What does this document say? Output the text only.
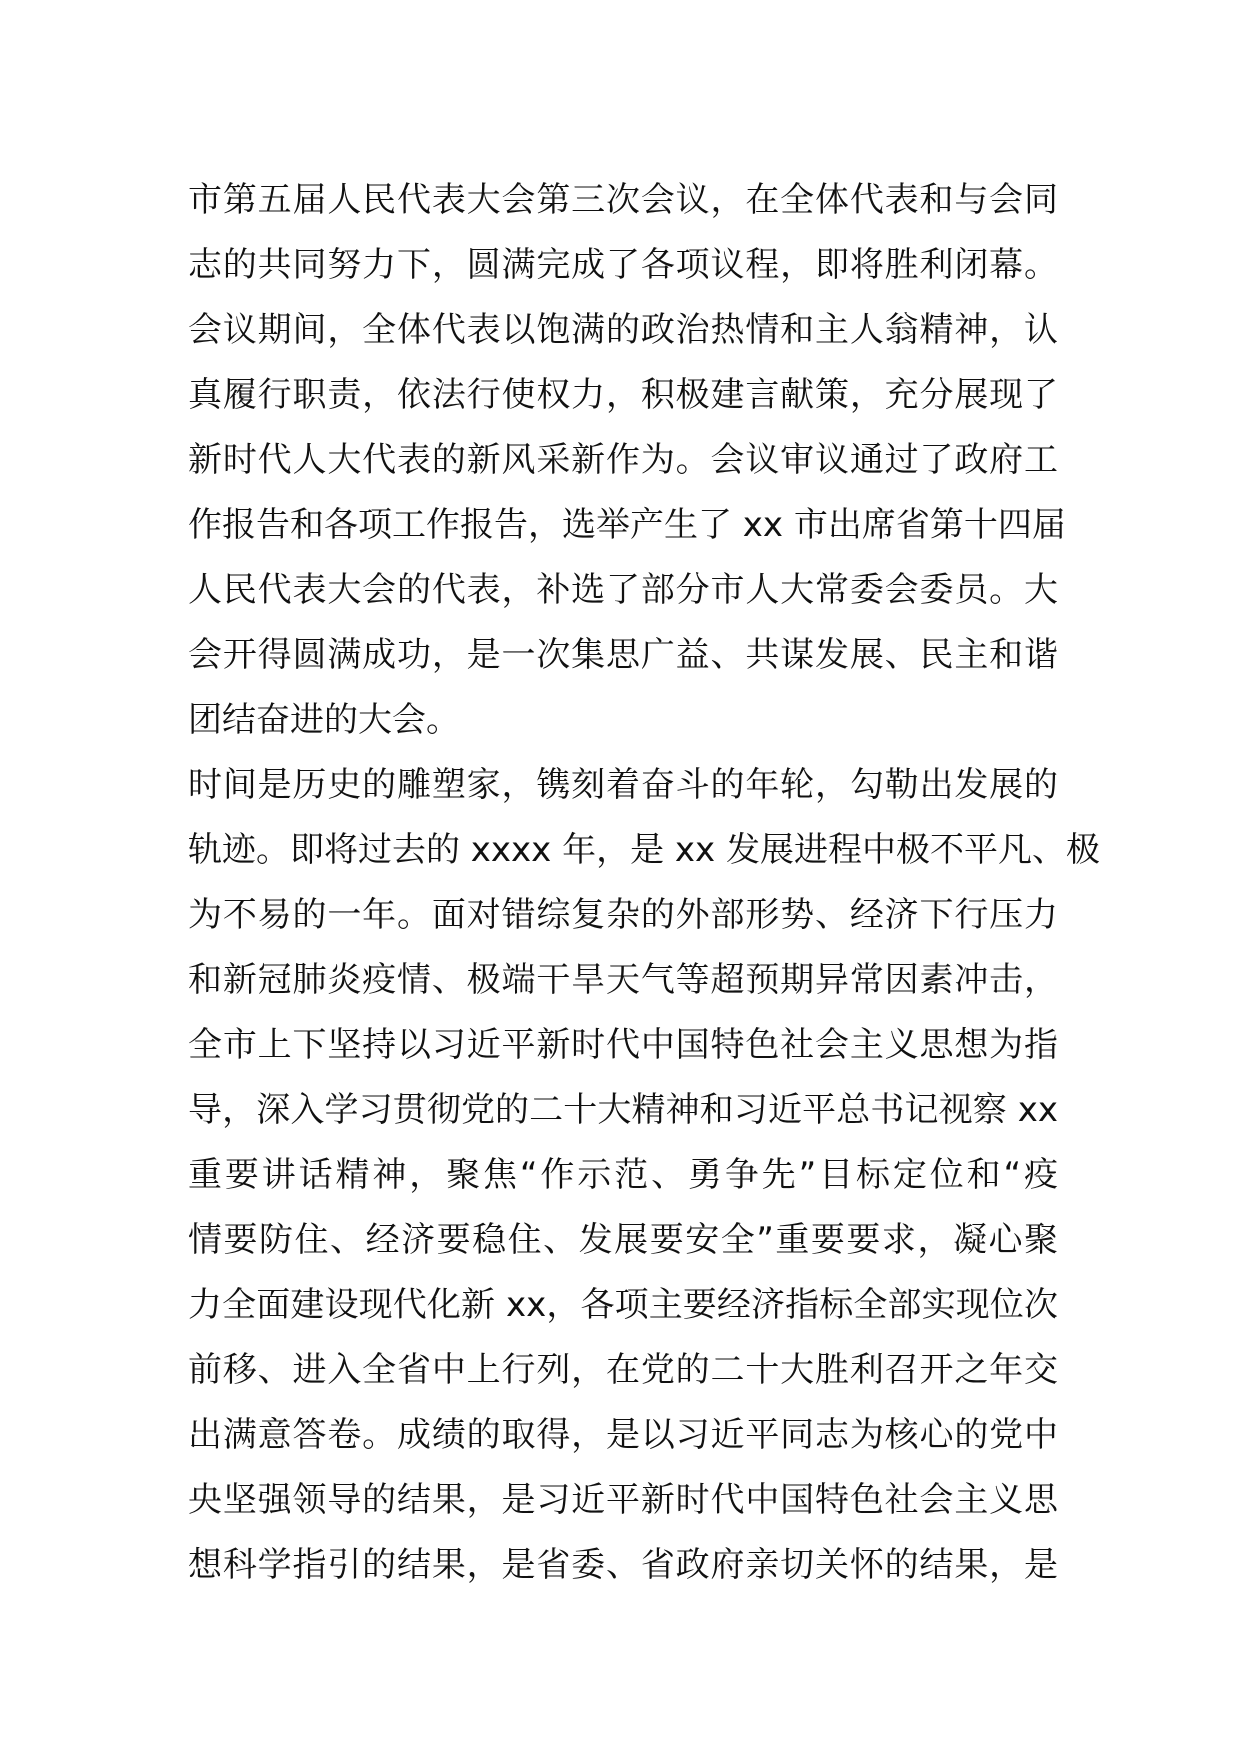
市第五届人民代表大会第三次会议，在全体代表和与会同
志的共同努力下，圆满完成了各项议程，即将胜利闭幕。
会议期间，全体代表以饱满的政治热情和主人翁精神，认
真履行职责，依法行使权力，积极建言献策，充分展现了
新时代人大代表的新风采新作为。会议审议通过了政府工
作报告和各项工作报告，选举产生了 xx 市出席省第十四届
人民代表大会的代表，补选了部分市人大常委会委员。大
会开得圆满成功，是一次集思广益、共谋发展、民主和谐
团结奋进的大会。
时间是历史的雕塑家，镌刻着奋斗的年轮，勾勒出发展的
轨迹。即将过去的 xxxx 年，是 xx 发展进程中极不平凡、极
为不易的一年。面对错综复杂的外部形势、经济下行压力
和新冠肺炎疫情、极端干旱天气等超预期异常因素冲击，
全市上下坚持以习近平新时代中国特色社会主义思想为指
导，深入学习贯彻党的二十大精神和习近平总书记视察 xx
重要讲话精神，聚焦“作示范、勇争先”目标定位和“疫
情要防住、经济要稳住、发展要安全”重要要求，凝心聚
力全面建设现代化新 xx，各项主要经济指标全部实现位次
前移、进入全省中上行列，在党的二十大胜利召开之年交
出满意答卷。成绩的取得，是以习近平同志为核心的党中
央坚强领导的结果，是习近平新时代中国特色社会主义思
想科学指引的结果，是省委、省政府亲切关怀的结果，是
